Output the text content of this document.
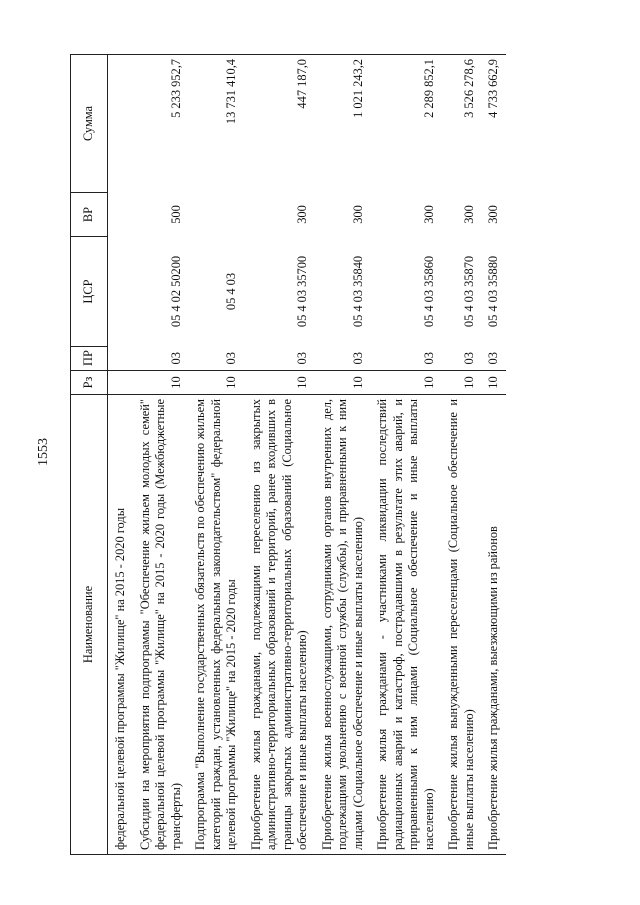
1553
Наименование	Рз	ПР	ЦСР	ВР	Сумма
федеральной целевой программы "Жилище" на 2015 - 2020 годы					
Субсидии на мероприятия подпрограммы "Обеспечение жильем молодых семей" федеральной целевой программы "Жилище" на 2015 - 2020 годы (Межбюджетные трансферты)	10	03	05 4 02 50200	500	5 233 952,7
Подпрограмма "Выполнение государственных обязательств по обеспечению жильем категорий граждан, установленных федеральным законодательством" федеральной целевой программы "Жилище" на 2015 - 2020 годы	10	03	05 4 03		13 731 410,4
Приобретение жилья гражданами, подлежащими переселению из закрытых административно-территориальных образований и территорий, ранее входивших в границы закрытых административно-территориальных образований (Социальное обеспечение и иные выплаты населению)	10	03	05 4 03 35700	300	447 187,0
Приобретение жилья военнослужащими, сотрудниками органов внутренних дел, подлежащими увольнению с военной службы (службы), и приравненными к ним лицами (Социальное обеспечение и иные выплаты населению)	10	03	05 4 03 35840	300	1 021 243,2
Приобретение жилья гражданами - участниками ликвидации последствий радиационных аварий и катастроф, пострадавшими в результате этих аварий, и приравненными к ним лицами (Социальное обеспечение и иные выплаты населению)	10	03	05 4 03 35860	300	2 289 852,1
Приобретение жилья вынужденными переселенцами (Социальное обеспечение и иные выплаты населению)	10	03	05 4 03 35870	300	3 526 278,6
Приобретение жилья гражданами, выезжающими из районов	10	03	05 4 03 35880	300	4 733 662,9
